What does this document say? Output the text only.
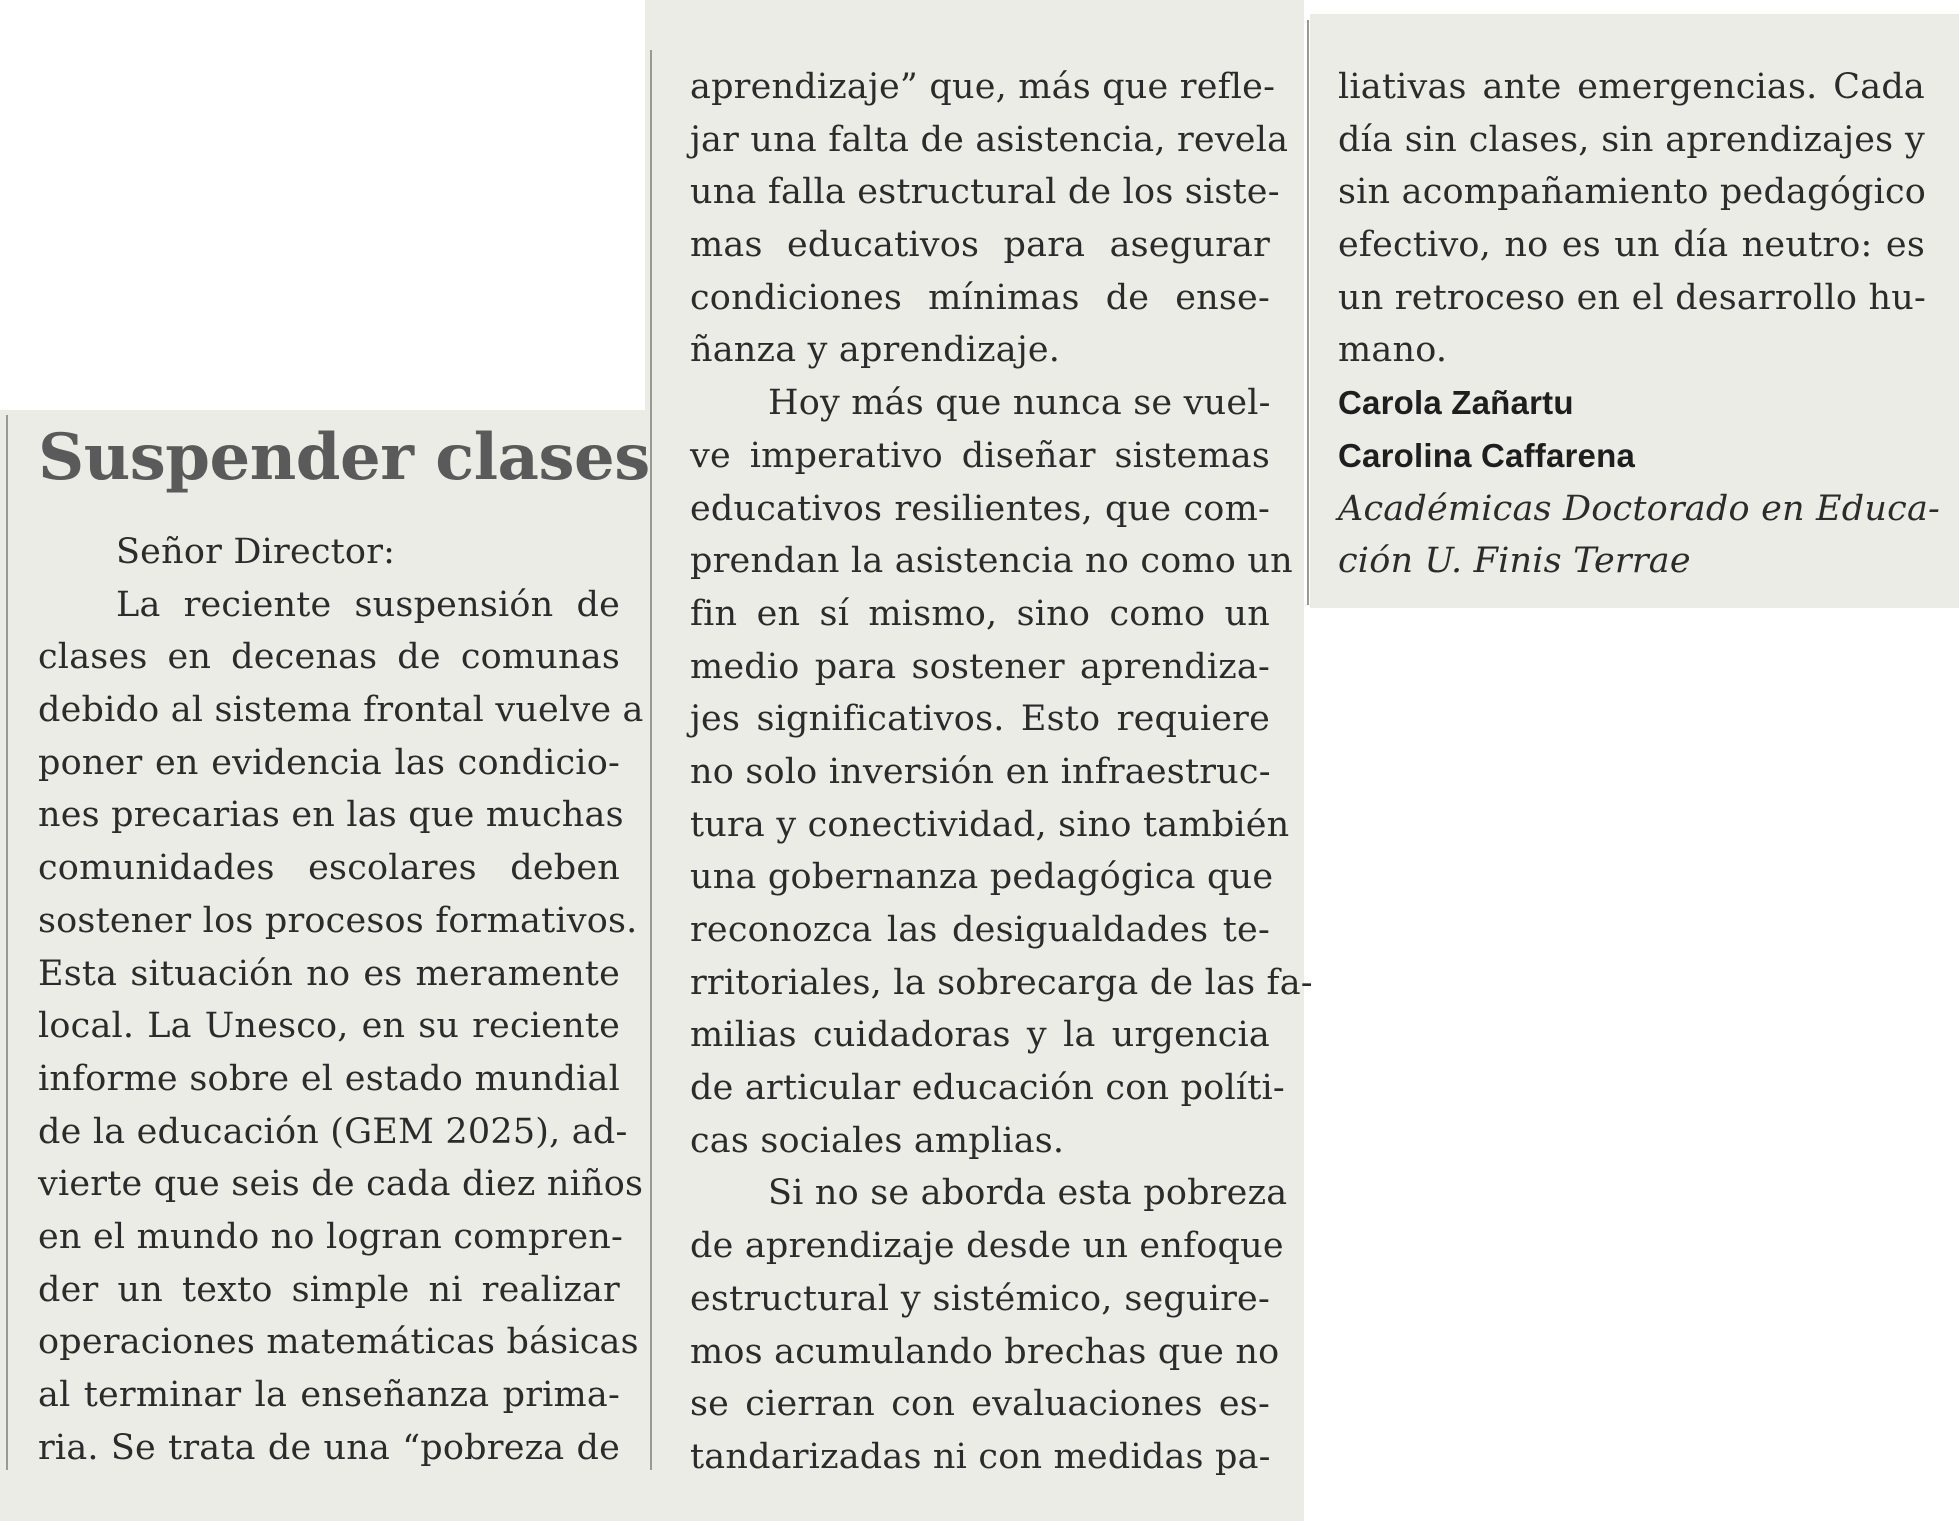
Suspender clases
Señor Director:
La reciente suspensión de
clases en decenas de comunas
debido al sistema frontal vuelve a
poner en evidencia las condicio-
nes precarias en las que muchas
comunidades escolares deben
sostener los procesos formativos.
Esta situación no es meramente
local. La Unesco, en su reciente
informe sobre el estado mundial
de la educación (GEM 2025), ad-
vierte que seis de cada diez niños
en el mundo no logran compren-
der un texto simple ni realizar
operaciones matemáticas básicas
al terminar la enseñanza prima-
ria. Se trata de una “pobreza de
aprendizaje” que, más que refle-
jar una falta de asistencia, revela
una falla estructural de los siste-
mas educativos para asegurar
condiciones mínimas de ense-
ñanza y aprendizaje.
Hoy más que nunca se vuel-
ve imperativo diseñar sistemas
educativos resilientes, que com-
prendan la asistencia no como un
fin en sí mismo, sino como un
medio para sostener aprendiza-
jes significativos. Esto requiere
no solo inversión en infraestruc-
tura y conectividad, sino también
una gobernanza pedagógica que
reconozca las desigualdades te-
rritoriales, la sobrecarga de las fa-
milias cuidadoras y la urgencia
de articular educación con políti-
cas sociales amplias.
Si no se aborda esta pobreza
de aprendizaje desde un enfoque
estructural y sistémico, seguire-
mos acumulando brechas que no
se cierran con evaluaciones es-
tandarizadas ni con medidas pa-
liativas ante emergencias. Cada
día sin clases, sin aprendizajes y
sin acompañamiento pedagógico
efectivo, no es un día neutro: es
un retroceso en el desarrollo hu-
mano.
Carola Zañartu
Carolina Caffarena
Académicas Doctorado en Educa-
ción U. Finis Terrae
